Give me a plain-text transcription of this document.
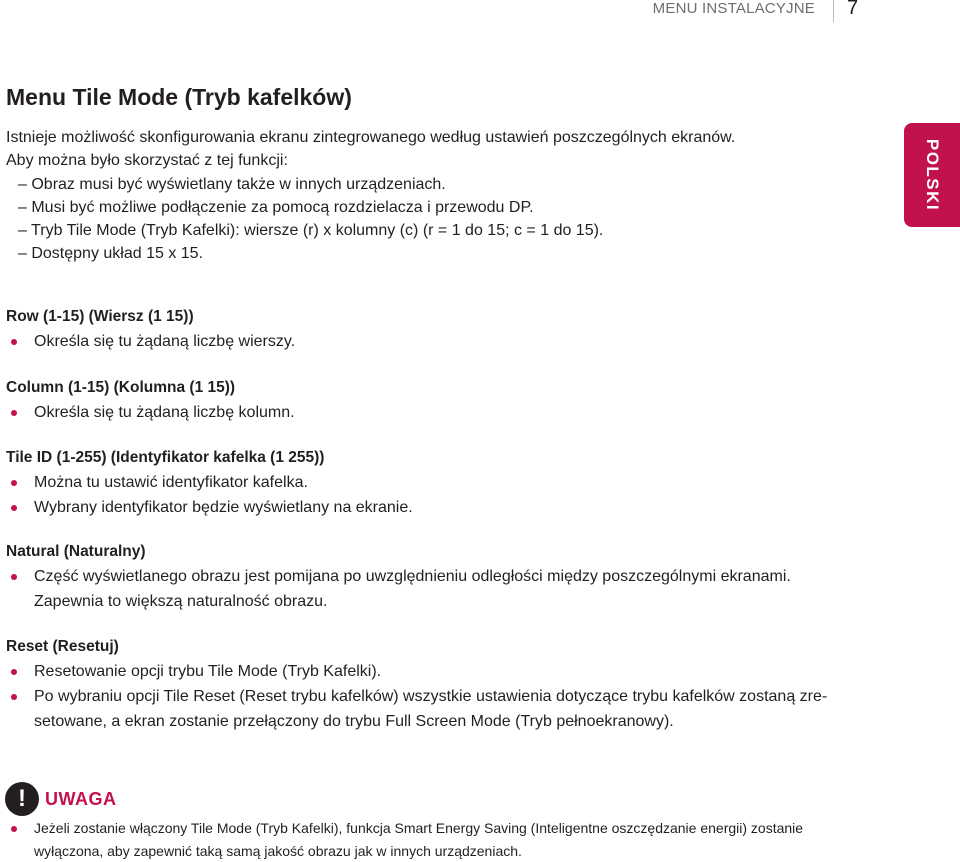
MENU INSTALACYJNE 7
POLSKI
Menu Tile Mode (Tryb kafelków)
Istnieje możliwość skonfigurowania ekranu zintegrowanego według ustawień poszczególnych ekranów.
Aby można było skorzystać z tej funkcji:
– Obraz musi być wyświetlany także w innych urządzeniach.
– Musi być możliwe podłączenie za pomocą rozdzielacza i przewodu DP.
– Tryb Tile Mode (Tryb Kafelki): wiersze (r) x kolumny (c) (r = 1 do 15; c = 1 do 15).
– Dostępny układ 15 x 15.
Row (1-15) (Wiersz (1 15))
Określa się tu żądaną liczbę wierszy.
Column (1-15) (Kolumna (1 15))
Określa się tu żądaną liczbę kolumn.
Tile ID (1-255) (Identyfikator kafelka (1 255))
Można tu ustawić identyfikator kafelka.
Wybrany identyfikator będzie wyświetlany na ekranie.
Natural (Naturalny)
Część wyświetlanego obrazu jest pomijana po uwzględnieniu odległości między poszczególnymi ekranami. Zapewnia to większą naturalność obrazu.
Reset (Resetuj)
Resetowanie opcji trybu Tile Mode (Tryb Kafelki).
Po wybraniu opcji Tile Reset (Reset trybu kafelków) wszystkie ustawienia dotyczące trybu kafelków zostaną zre-setowane, a ekran zostanie przełączony do trybu Full Screen Mode (Tryb pełnoekranowy).
! UWAGA
Jeżeli zostanie włączony Tile Mode (Tryb Kafelki), funkcja Smart Energy Saving (Inteligentne oszczędzanie energii) zostanie wyłączona, aby zapewnić taką samą jakość obrazu jak w innych urządzeniach.
